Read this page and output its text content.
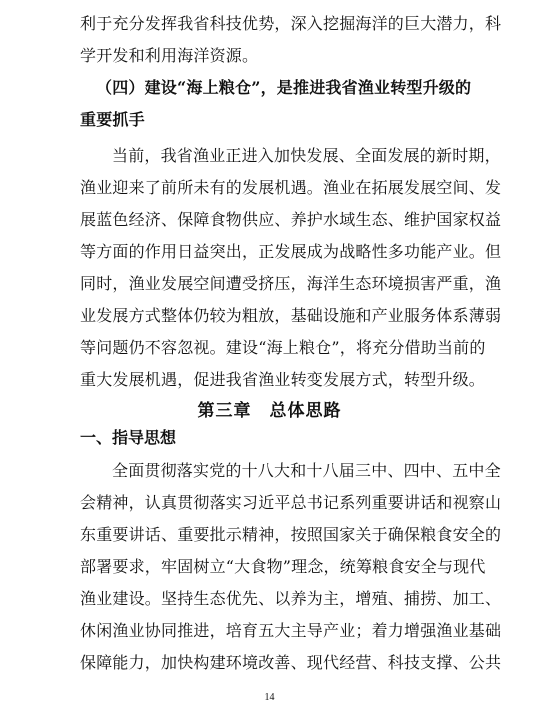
利于充分发挥我省科技优势，深入挖掘海洋的巨大潜力，科
学开发和利用海洋资源。
（四）建设“海上粮仓”，是推进我省渔业转型升级的
重要抓手
当前，我省渔业正进入加快发展、全面发展的新时期，
渔业迎来了前所未有的发展机遇。渔业在拓展发展空间、发
展蓝色经济、保障食物供应、养护水域生态、维护国家权益
等方面的作用日益突出，正发展成为战略性多功能产业。但
同时，渔业发展空间遭受挤压，海洋生态环境损害严重，渔
业发展方式整体仍较为粗放，基础设施和产业服务体系薄弱
等问题仍不容忽视。建设“海上粮仓”，将充分借助当前的
重大发展机遇，促进我省渔业转变发展方式，转型升级。
第三章　总体思路
一、指导思想
全面贯彻落实党的十八大和十八届三中、四中、五中全
会精神，认真贯彻落实习近平总书记系列重要讲话和视察山
东重要讲话、重要批示精神，按照国家关于确保粮食安全的
部署要求，牢固树立“大食物”理念，统筹粮食安全与现代
渔业建设。坚持生态优先、以养为主，增殖、捕捞、加工、
休闲渔业协同推进，培育五大主导产业；着力增强渔业基础
保障能力，加快构建环境改善、现代经营、科技支撑、公共
14
